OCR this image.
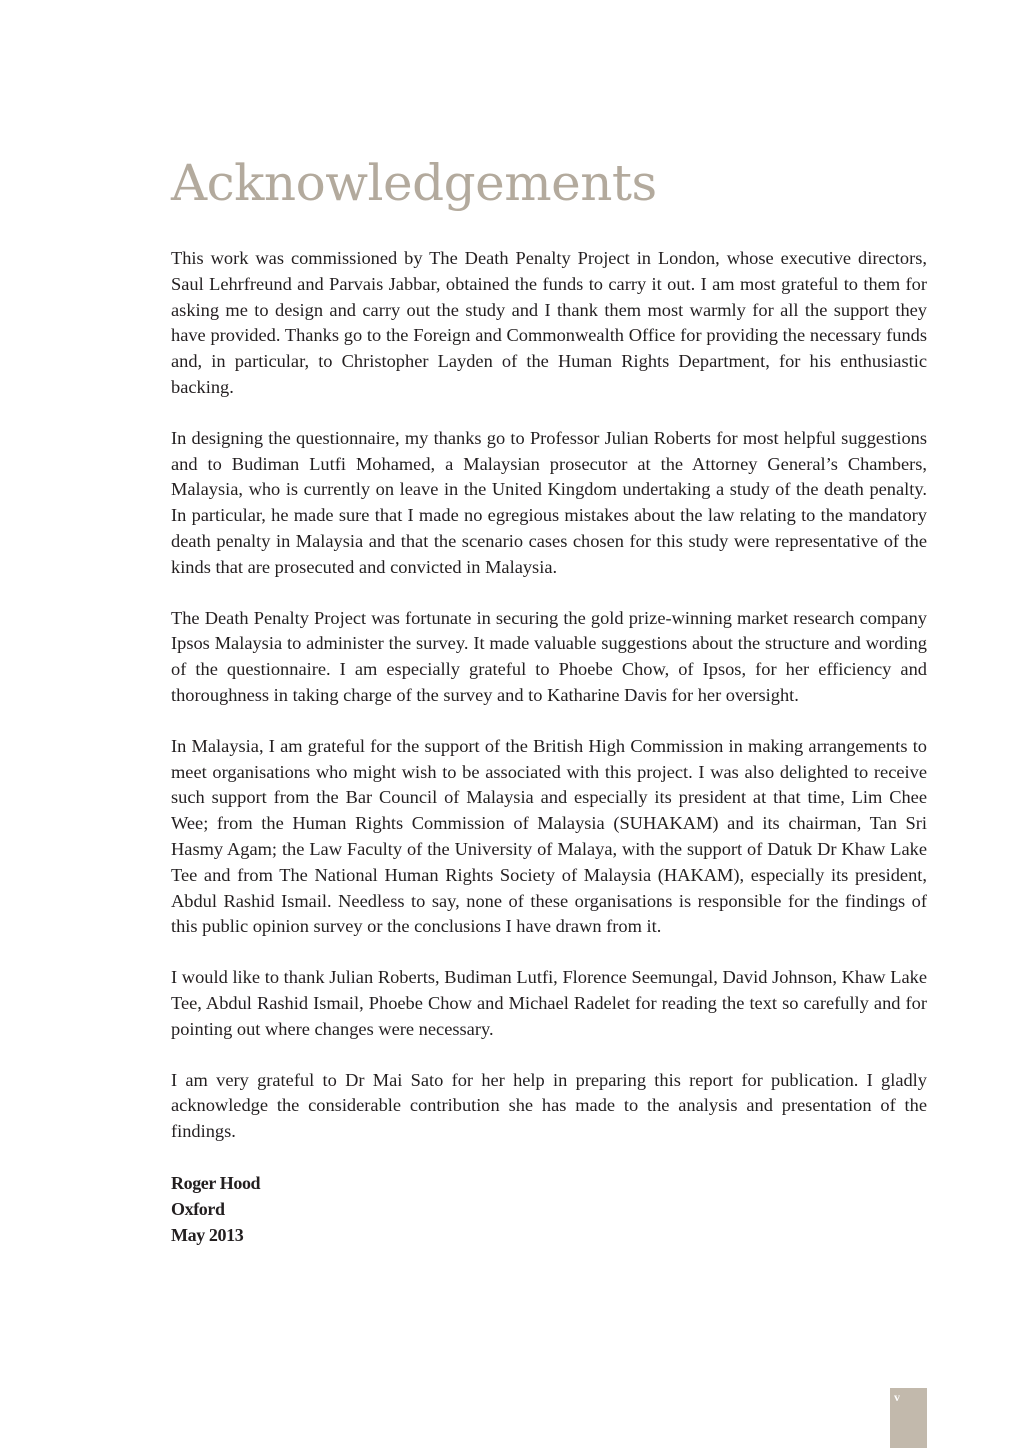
Acknowledgements

This work was commissioned by The Death Penalty Project in London, whose executive directors, Saul Lehrfreund and Parvais Jabbar, obtained the funds to carry it out. I am most grateful to them for asking me to design and carry out the study and I thank them most warmly for all the support they have provided. Thanks go to the Foreign and Commonwealth Office for providing the necessary funds and, in particular, to Christopher Layden of the Human Rights Department, for his enthusiastic backing.

In designing the questionnaire, my thanks go to Professor Julian Roberts for most helpful suggestions and to Budiman Lutfi Mohamed, a Malaysian prosecutor at the Attorney General’s Chambers, Malaysia, who is currently on leave in the United Kingdom undertaking a study of the death penalty. In particular, he made sure that I made no egregious mistakes about the law relating to the mandatory death penalty in Malaysia and that the scenario cases chosen for this study were representative of the kinds that are prosecuted and convicted in Malaysia.

The Death Penalty Project was fortunate in securing the gold prize-winning market research company Ipsos Malaysia to administer the survey. It made valuable suggestions about the structure and wording of the questionnaire. I am especially grateful to Phoebe Chow, of Ipsos, for her efficiency and thoroughness in taking charge of the survey and to Katharine Davis for her oversight.

In Malaysia, I am grateful for the support of the British High Commission in making arrangements to meet organisations who might wish to be associated with this project. I was also delighted to receive such support from the Bar Council of Malaysia and especially its president at that time, Lim Chee Wee; from the Human Rights Commission of Malaysia (SUHAKAM) and its chairman, Tan Sri Hasmy Agam; the Law Faculty of the University of Malaya, with the support of Datuk Dr Khaw Lake Tee and from The National Human Rights Society of Malaysia (HAKAM), especially its president, Abdul Rashid Ismail. Needless to say, none of these organisations is responsible for the findings of this public opinion survey or the conclusions I have drawn from it.

I would like to thank Julian Roberts, Budiman Lutfi, Florence Seemungal, David Johnson, Khaw Lake Tee, Abdul Rashid Ismail, Phoebe Chow and Michael Radelet for reading the text so carefully and for pointing out where changes were necessary.

I am very grateful to Dr Mai Sato for her help in preparing this report for publication. I gladly acknowledge the considerable contribution she has made to the analysis and presentation of the findings.

Roger Hood
Oxford
May 2013
v
